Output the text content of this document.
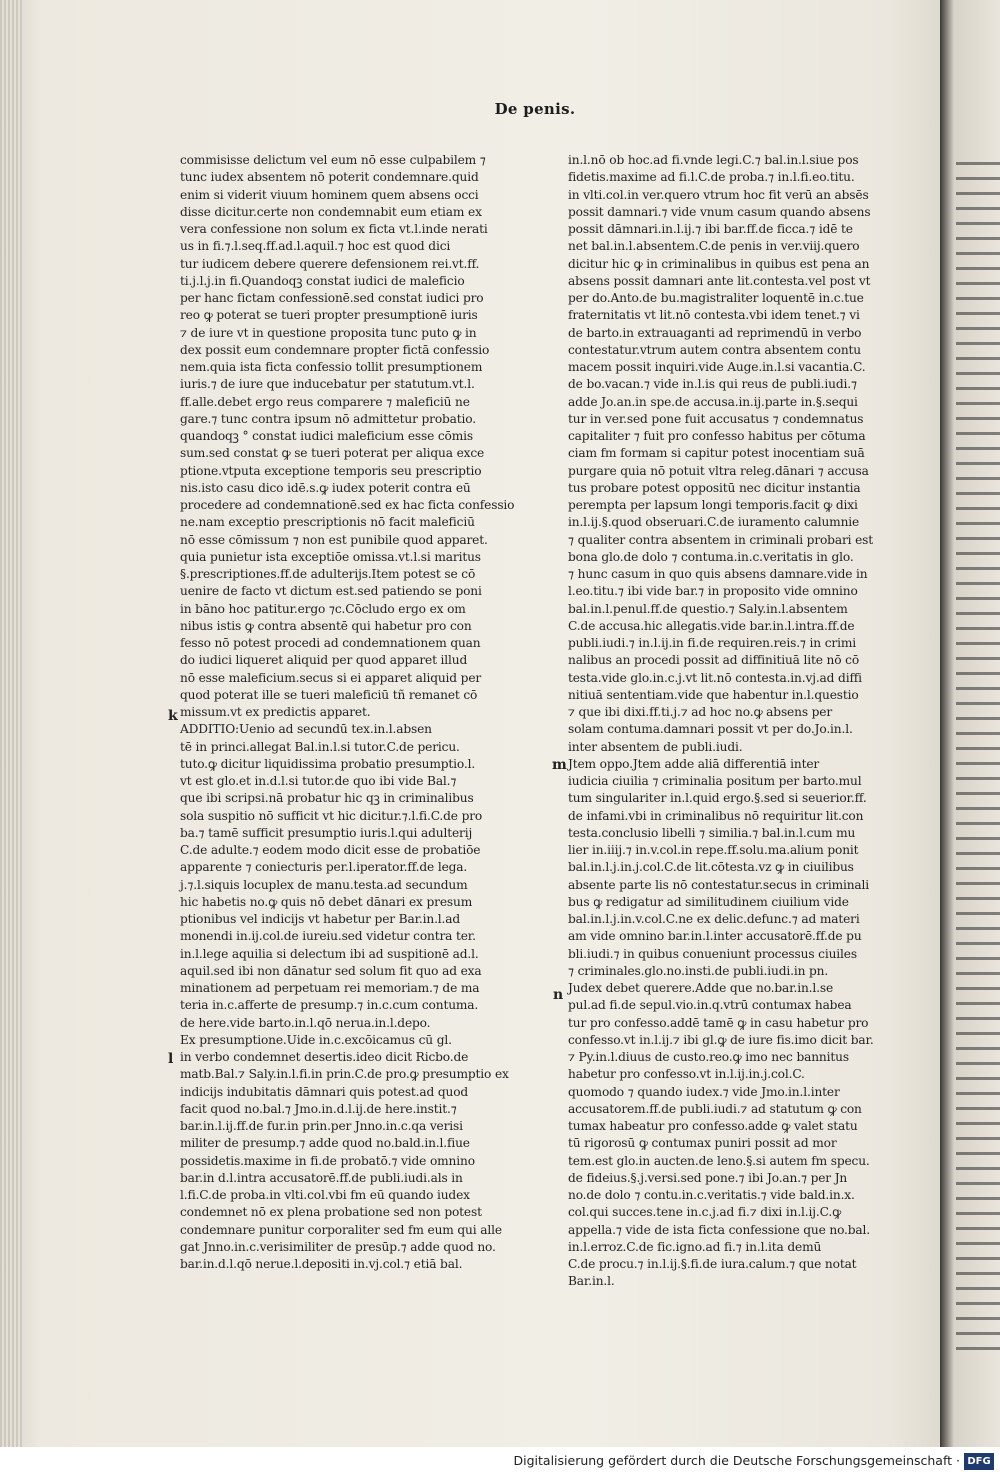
De penis.
commisisse delictum vel eum nō esse culpabilem ⁊
tunc iudex absentem nō poterit condemnare.quid
enim si viderit viuum hominem quem absens occi
disse dicitur.certe non condemnabit eum etiam ex
vera confessione non solum ex ficta vt.l.inde nerati
us in fi.⁊.l.seq.ff.ad.l.aquil.⁊ hoc est quod dici
tur iudicem debere querere defensionem rei.vt.ff.
ti.j.l.j.in fi.Quandoqꝫ constat iudici de maleficio
per hanc fictam confessionē.sed constat iudici pro
reo ꝙ poterat se tueri propter presumptionē iuris
⁊ de iure vt in questione proposita tunc puto ꝙ in
dex possit eum condemnare propter fictā confessio
nem.quia ista ficta confessio tollit presumptionem
iuris.⁊ de iure que inducebatur per statutum.vt.l.
ff.alle.debet ergo reus comparere ⁊ maleficiū ne
gare.⁊ tunc contra ipsum nō admittetur probatio.
quandoqꝫ ° constat iudici maleficium esse cōmis
sum.sed constat ꝙ se tueri poterat per aliqua exce
ptione.vtputa exceptione temporis seu prescriptio
nis.isto casu dico idē.s.ꝙ iudex poterit contra eū
procedere ad condemnationē.sed ex hac ficta confessio
ne.nam exceptio prescriptionis nō facit maleficiū
nō esse cōmissum ⁊ non est punibile quod apparet.
quia punietur ista exceptiōe omissa.vt.l.si maritus
§.prescriptiones.ff.de adulterijs.Item potest se cō
uenire de facto vt dictum est.sed patiendo se poni
in bāno hoc patitur.ergo ⁊c.Cōcludo ergo ex om
nibus istis ꝙ contra absentē qui habetur pro con
fesso nō potest procedi ad condemnationem quan
do iudici liqueret aliquid per quod apparet illud
nō esse maleficium.secus si ei apparet aliquid per
quod poterat ille se tueri maleficiū tñ remanet cō
missum.vt ex predictis apparet.
ADDITIO:Uenio ad secundū tex.in.l.absen
tē in princi.allegat Bal.in.l.si tutor.C.de pericu.
tuto.ꝙ dicitur liquidissima probatio presumptio.l.
vt est glo.et in.d.l.si tutor.de quo ibi vide Bal.⁊
que ibi scripsi.nā probatur hic qꝫ in criminalibus
sola suspitio nō sufficit vt hic dicitur.⁊.l.fi.C.de pro
ba.⁊ tamē sufficit presumptio iuris.l.qui adulterij
C.de adulte.⁊ eodem modo dicit esse de probatiōe
apparente ⁊ coniecturis per.l.iperator.ff.de lega.
j.⁊.l.siquis locuplex de manu.testa.ad secundum
hic habetis no.ꝙ quis nō debet dānari ex presum
ptionibus vel indicijs vt habetur per Bar.in.l.ad
monendi in.ij.col.de iureiu.sed videtur contra ter.
in.l.lege aquilia si delectum ibi ad suspitionē ad.l.
aquil.sed ibi non dānatur sed solum fit quo ad exa
minationem ad perpetuam rei memoriam.⁊ de ma
teria in.c.afferte de presump.⁊ in.c.cum contuma.
de here.vide barto.in.l.qō nerua.in.l.depo.
Ex presumptione.Uide in.c.excōicamus cū gl.
in verbo condemnet desertis.ideo dicit Ricbo.de
matb.Bal.⁊ Saly.in.l.fi.in prin.C.de pro.ꝙ presumptio ex
indicijs indubitatis dāmnari quis potest.ad quod
facit quod no.bal.⁊ Jmo.in.d.l.ij.de here.instit.⁊
bar.in.l.ij.ff.de fur.in prin.per Jnno.in.c.qa verisi
militer de presump.⁊ adde quod no.bald.in.l.fiue
possidetis.maxime in fi.de probatō.⁊ vide omnino
bar.in d.l.intra accusatorē.ff.de publi.iudi.als in
l.fi.C.de proba.in vlti.col.vbi fm eū quando iudex
condemnet nō ex plena probatione sed non potest
condemnare punitur corporaliter sed fm eum qui alle
gat Jnno.in.c.verisimiliter de presūp.⁊ adde quod no.
bar.in.d.l.qō nerue.l.depositi in.vj.col.⁊ etiā bal.
in.l.nō ob hoc.ad fi.vnde legi.C.⁊ bal.in.l.siue pos
fidetis.maxime ad fi.l.C.de proba.⁊ in.l.fi.eo.titu.
in vlti.col.in ver.quero vtrum hoc fit verū an absēs
possit damnari.⁊ vide vnum casum quando absens
possit dāmnari.in.l.ij.⁊ ibi bar.ff.de ficca.⁊ idē te
net bal.in.l.absentem.C.de penis in ver.viij.quero
dicitur hic ꝙ in criminalibus in quibus est pena an
absens possit damnari ante lit.contesta.vel post vt
per do.Anto.de bu.magistraliter loquentē in.c.tue
fraternitatis vt lit.nō contesta.vbi idem tenet.⁊ vi
de barto.in extrauaganti ad reprimendū in verbo
contestatur.vtrum autem contra absentem contu
macem possit inquiri.vide Auge.in.l.si vacantia.C.
de bo.vacan.⁊ vide in.l.is qui reus de publi.iudi.⁊
adde Jo.an.in spe.de accusa.in.ij.parte in.§.sequi
tur in ver.sed pone fuit accusatus ⁊ condemnatus
capitaliter ⁊ fuit pro confesso habitus per cōtuma
ciam fm formam si capitur potest inocentiam suā
purgare quia nō potuit vltra releg.dānari ⁊ accusa
tus probare potest oppositū nec dicitur instantia
perempta per lapsum longi temporis.facit ꝙ dixi
in.l.ij.§.quod obseruari.C.de iuramento calumnie
⁊ qualiter contra absentem in criminali probari est
bona glo.de dolo ⁊ contuma.in.c.veritatis in glo.
⁊ hunc casum in quo quis absens damnare.vide in
l.eo.titu.⁊ ibi vide bar.⁊ in proposito vide omnino
bal.in.l.penul.ff.de questio.⁊ Saly.in.l.absentem
C.de accusa.hic allegatis.vide bar.in.l.intra.ff.de
publi.iudi.⁊ in.l.ij.in fi.de requiren.reis.⁊ in crimi
nalibus an procedi possit ad diffinitiuā lite nō cō
testa.vide glo.in.c.j.vt lit.nō contesta.in.vj.ad diffi
nitiuā sententiam.vide que habentur in.l.questio
⁊ que ibi dixi.ff.ti.j.⁊ ad hoc no.ꝙ absens per
solam contuma.damnari possit vt per do.Jo.in.l.
inter absentem de publi.iudi.
Jtem oppo.Jtem adde aliā differentiā inter
iudicia ciuilia ⁊ criminalia positum per barto.mul
tum singulariter in.l.quid ergo.§.sed si seuerior.ff.
de infami.vbi in criminalibus nō requiritur lit.con
testa.conclusio libelli ⁊ similia.⁊ bal.in.l.cum mu
lier in.iiij.⁊ in.v.col.in repe.ff.solu.ma.alium ponit
bal.in.l.j.in.j.col.C.de lit.cōtesta.vz ꝙ in ciuilibus
absente parte lis nō contestatur.secus in criminali
bus ꝙ redigatur ad similitudinem ciuilium vide
bal.in.l.j.in.v.col.C.ne ex delic.defunc.⁊ ad materi
am vide omnino bar.in.l.inter accusatorē.ff.de pu
bli.iudi.⁊ in quibus conueniunt processus ciuiles
⁊ criminales.glo.no.insti.de publi.iudi.in pn.
Judex debet querere.Adde que no.bar.in.l.se
pul.ad fi.de sepul.vio.in.q.vtrū contumax habea
tur pro confesso.addē tamē ꝙ in casu habetur pro
confesso.vt in.l.ij.⁊ ibi gl.ꝙ de iure fis.imo dicit bar.
⁊ Py.in.l.diuus de custo.reo.ꝙ imo nec bannitus
habetur pro confesso.vt in.l.ij.in.j.col.C.
quomodo ⁊ quando iudex.⁊ vide Jmo.in.l.inter
accusatorem.ff.de publi.iudi.⁊ ad statutum ꝙ con
tumax habeatur pro confesso.adde ꝙ valet statu
tū rigorosū ꝙ contumax puniri possit ad mor
tem.est glo.in aucten.de leno.§.si autem fm specu.
de fideius.§.j.versi.sed pone.⁊ ibi Jo.an.⁊ per Jn
no.de dolo ⁊ contu.in.c.veritatis.⁊ vide bald.in.x.
col.qui succes.tene in.c.j.ad fi.⁊ dixi in.l.ij.C.ꝙ
appella.⁊ vide de ista ficta confessione que no.bal.
in.l.erroz.C.de fic.igno.ad fi.⁊ in.l.ita demū
C.de procu.⁊ in.l.ij.§.fi.de iura.calum.⁊ que notat
Bar.in.l.
k
l
m
n
Digitalisierung gefördert durch die Deutsche Forschungsgemeinschaft · DFG
